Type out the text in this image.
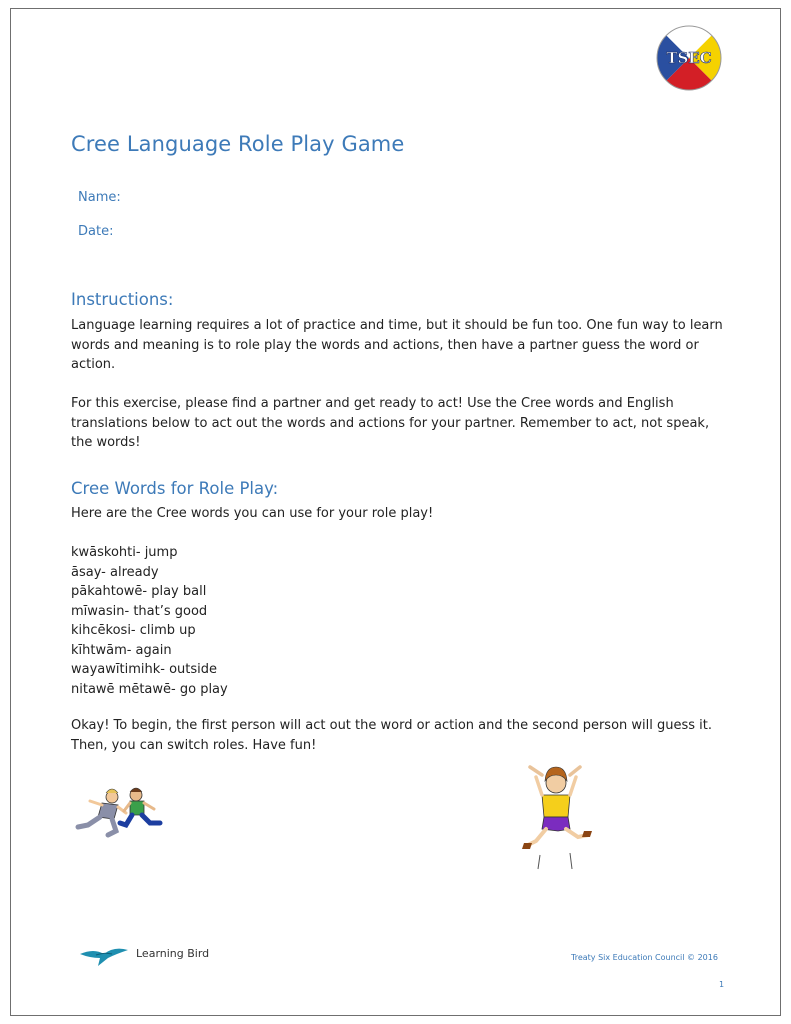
TSEC
Cree Language Role Play Game
Name:
Date:
Instructions:

Language learning requires a lot of practice and time, but it should be fun too. One fun way to learn words and meaning is to role play the words and actions, then have a partner guess the word or action.

For this exercise, please find a partner and get ready to act! Use the Cree words and English translations below to act out the words and actions for your partner. Remember to act, not speak, the words!

Cree Words for Role Play:

Here are the Cree words you can use for your role play!

kwāskohti- jump
āsay- already
pākahtowē- play ball
mīwasin- that’s good
kihcēkosi- climb up
kīhtwām- again
wayawītimihk- outside
nitawē mētawē- go play

Okay! To begin, the first person will act out the word or action and the second person will guess it. Then, you can switch roles. Have fun!

Learning Bird	Treaty Six Education Council © 2016
1
